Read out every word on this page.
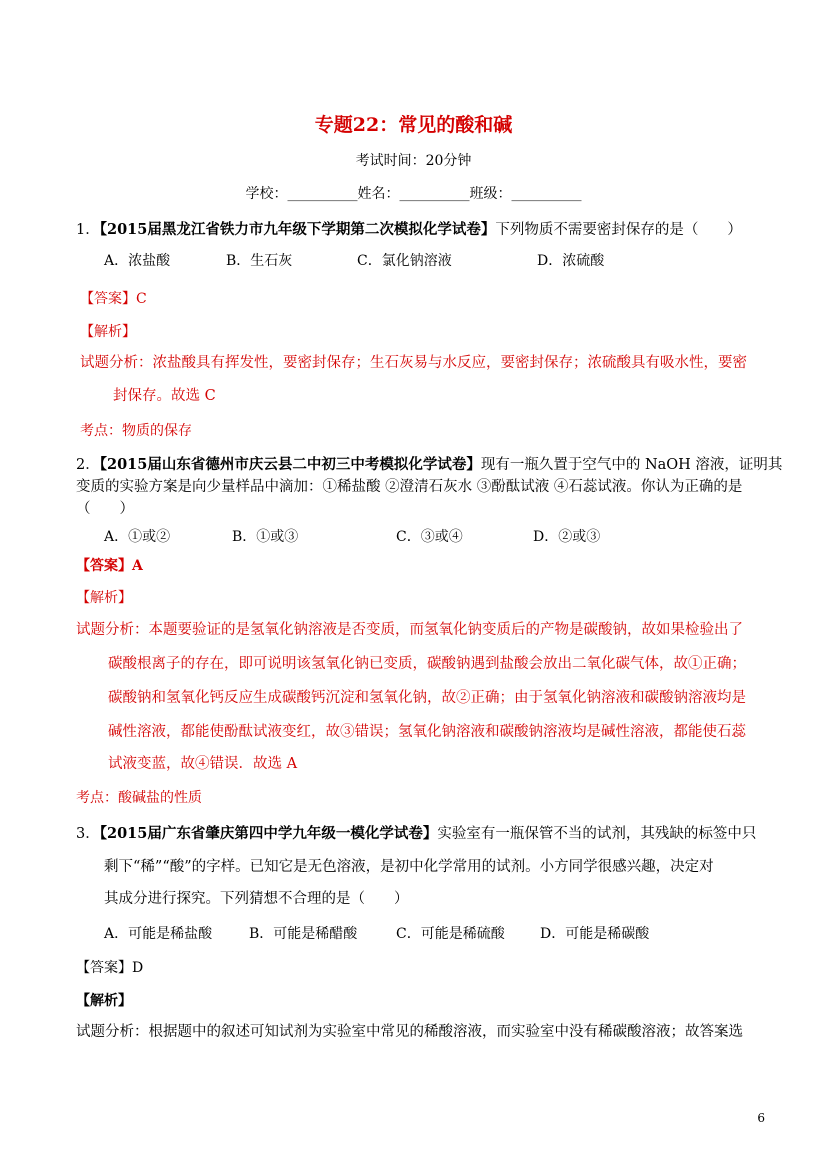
专题22：常见的酸和碱
考试时间：20分钟
学校：__________姓名：__________班级：__________
1．【2015届黑龙江省铁力市九年级下学期第二次模拟化学试卷】下列物质不需要密封保存的是（　　）
A．浓盐酸	B．生石灰	C．氯化钠溶液	D．浓硫酸
【答案】C
【解析】
试题分析：浓盐酸具有挥发性，要密封保存；生石灰易与水反应，要密封保存；浓硫酸具有吸水性，要密
封保存。故选 C
考点：物质的保存
2．【2015届山东省德州市庆云县二中初三中考模拟化学试卷】现有一瓶久置于空气中的 NaOH 溶液，证明其
变质的实验方案是向少量样品中滴加：①稀盐酸 ②澄清石灰水 ③酚酞试液 ④石蕊试液。你认为正确的是
（　　）
A．①或②	B．①或③	C．③或④	D．②或③
【答案】A
【解析】
试题分析：本题要验证的是氢氧化钠溶液是否变质，而氢氧化钠变质后的产物是碳酸钠，故如果检验出了
碳酸根离子的存在，即可说明该氢氧化钠已变质，碳酸钠遇到盐酸会放出二氧化碳气体，故①正确；
碳酸钠和氢氧化钙反应生成碳酸钙沉淀和氢氧化钠，故②正确；由于氢氧化钠溶液和碳酸钠溶液均是
碱性溶液，都能使酚酞试液变红，故③错误；氢氧化钠溶液和碳酸钠溶液均是碱性溶液，都能使石蕊
试液变蓝，故④错误．故选 A
考点：酸碱盐的性质
3．【2015届广东省肇庆第四中学九年级一模化学试卷】实验室有一瓶保管不当的试剂，其残缺的标签中只
剩下“稀”“酸”的字样。已知它是无色溶液，是初中化学常用的试剂。小方同学很感兴趣，决定对
其成分进行探究。下列猜想不合理的是（　　）
A．可能是稀盐酸	B．可能是稀醋酸	C．可能是稀硫酸	D．可能是稀碳酸
【答案】D
【解析】
试题分析：根据题中的叙述可知试剂为实验室中常见的稀酸溶液，而实验室中没有稀碳酸溶液；故答案选
6
